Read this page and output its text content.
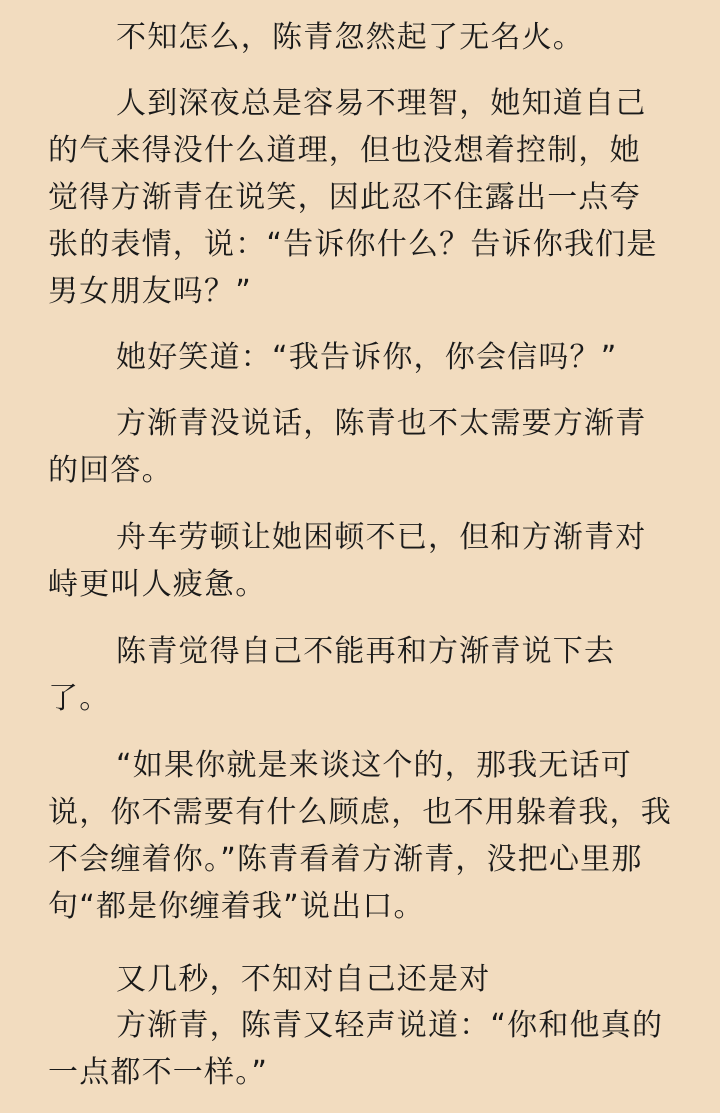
不知怎么，陈青忽然起了无名火。
人到深夜总是容易不理智，她知道自己
的气来得没什么道理，但也没想着控制，她
觉得方渐青在说笑，因此忍不住露出一点夸
张的表情，说：“告诉你什么？告诉你我们是
男女朋友吗？”
她好笑道：“我告诉你，你会信吗？”
方渐青没说话，陈青也不太需要方渐青
的回答。
舟车劳顿让她困顿不已，但和方渐青对
峙更叫人疲惫。
陈青觉得自己不能再和方渐青说下去
了。
“如果你就是来谈这个的，那我无话可
说，你不需要有什么顾虑，也不用躲着我，我
不会缠着你。”陈青看着方渐青，没把心里那
句“都是你缠着我”说出口。
又几秒，不知对自己还是对
方渐青，陈青又轻声说道：“你和他真的
一点都不一样。”
